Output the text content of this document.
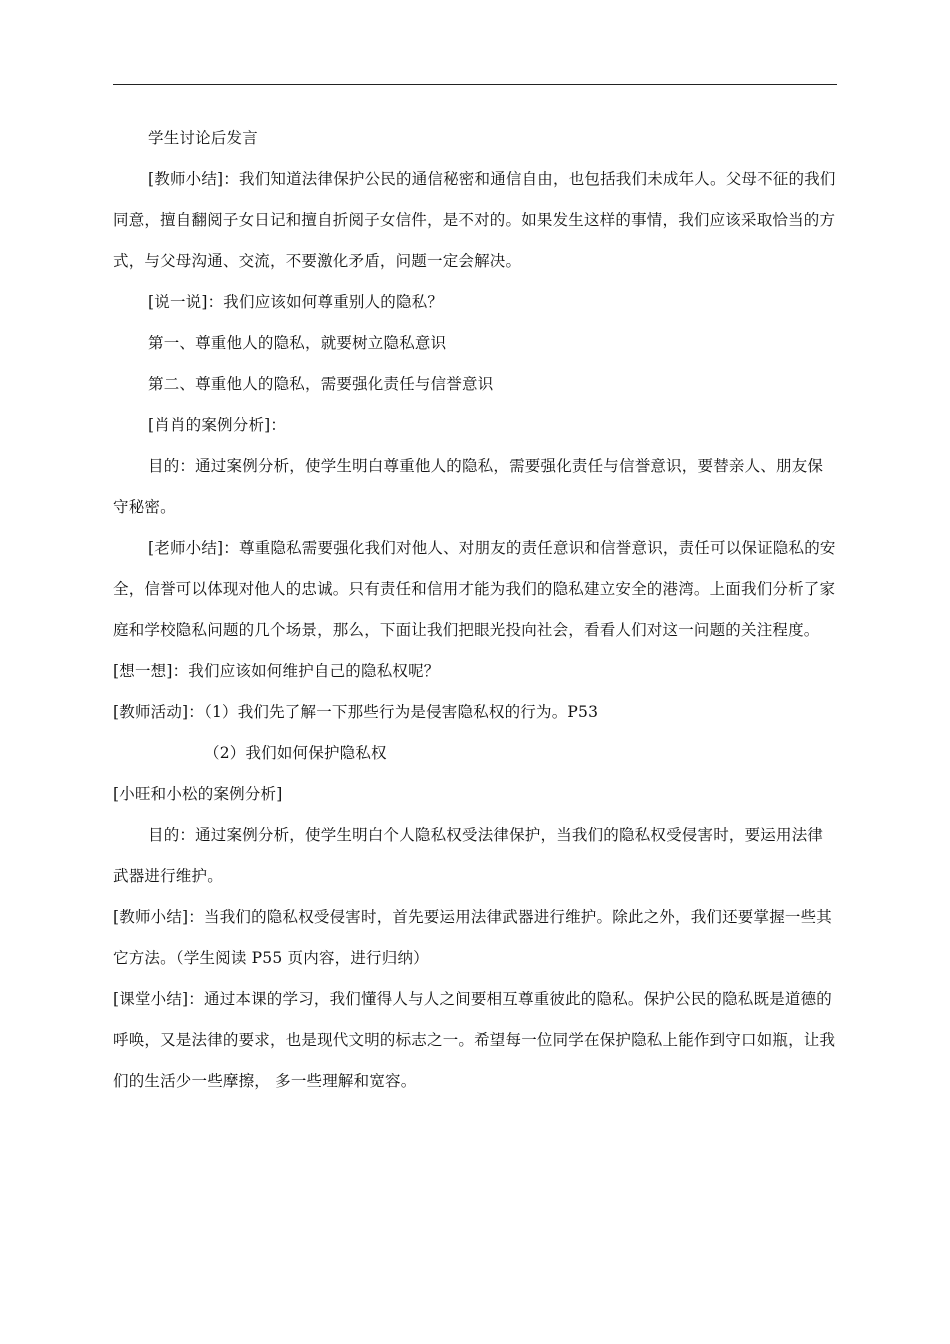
学生讨论后发言

[教师小结]：我们知道法律保护公民的通信秘密和通信自由，也包括我们未成年人。父母不征的我们同意，擅自翻阅子女日记和擅自折阅子女信件，是不对的。如果发生这样的事情，我们应该采取恰当的方式，与父母沟通、交流，不要激化矛盾，问题一定会解决。

[说一说]：我们应该如何尊重别人的隐私？

第一、尊重他人的隐私，就要树立隐私意识

第二、尊重他人的隐私，需要强化责任与信誉意识

[肖肖的案例分析]：

目的：通过案例分析，使学生明白尊重他人的隐私，需要强化责任与信誉意识，要替亲人、朋友保守秘密。

[老师小结]：尊重隐私需要强化我们对他人、对朋友的责任意识和信誉意识，责任可以保证隐私的安全，信誉可以体现对他人的忠诚。只有责任和信用才能为我们的隐私建立安全的港湾。上面我们分析了家庭和学校隐私问题的几个场景，那么，下面让我们把眼光投向社会，看看人们对这一问题的关注程度。

[想一想]：我们应该如何维护自己的隐私权呢？

[教师活动]：（1）我们先了解一下那些行为是侵害隐私权的行为。P53

（2）我们如何保护隐私权

[小旺和小松的案例分析]

目的：通过案例分析，使学生明白个人隐私权受法律保护，当我们的隐私权受侵害时，要运用法律武器进行维护。

[教师小结]：当我们的隐私权受侵害时，首先要运用法律武器进行维护。除此之外，我们还要掌握一些其它方法。（学生阅读 P55 页内容，进行归纳）

[课堂小结]：通过本课的学习，我们懂得人与人之间要相互尊重彼此的隐私。保护公民的隐私既是道德的呼唤，又是法律的要求，也是现代文明的标志之一。希望每一位同学在保护隐私上能作到守口如瓶，让我们的生活少一些摩擦， 多一些理解和宽容。
